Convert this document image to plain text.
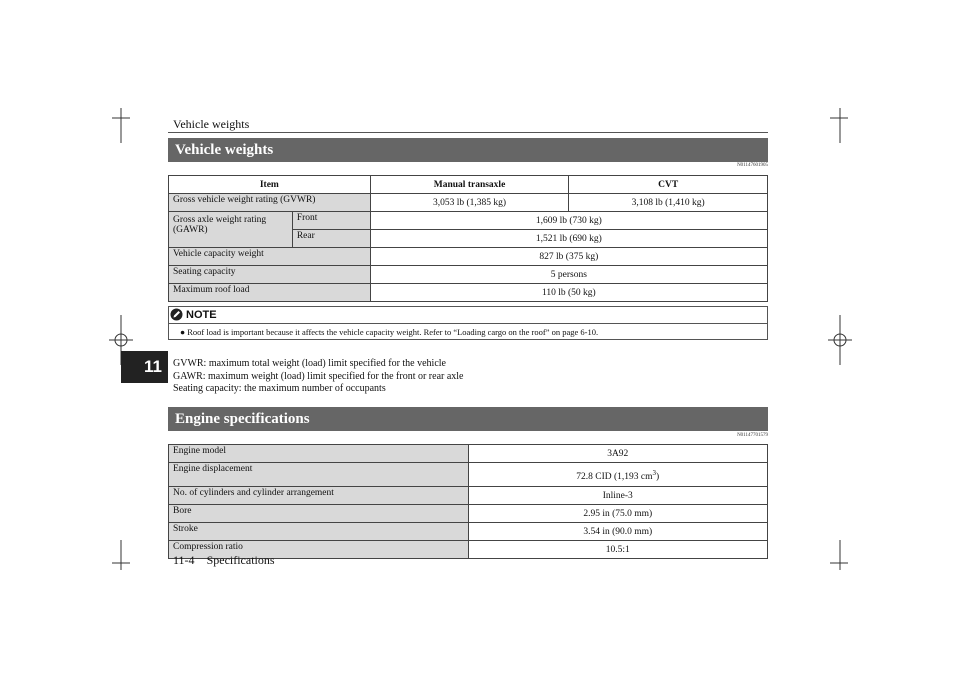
Vehicle weights
11
Vehicle weights
N01147601905
Item		Manual transaxle	CVT
Gross vehicle weight rating (GVWR)		3,053 lb (1,385 kg)	3,108 lb (1,410 kg)
Gross axle weight rating (GAWR)	Front	1,609 lb (730 kg)	
	Rear	1,521 lb (690 kg)	
Vehicle capacity weight		827 lb (375 kg)	
Seating capacity		5 persons	
Maximum roof load		110 lb (50 kg)	
NOTE
● Roof load is important because it affects the vehicle capacity weight. Refer to “Loading cargo on the roof” on page 6-10.
GVWR: maximum total weight (load) limit specified for the vehicle
GAWR: maximum weight (load) limit specified for the front or rear axle
Seating capacity: the maximum number of occupants
Engine specifications
N01147701579
Engine model	3A92
Engine displacement	72.8 CID (1,193 $cm^3$)
No. of cylinders and cylinder arrangement	Inline-3
Bore	2.95 in (75.0 mm)
Stroke	3.54 in (90.0 mm)
Compression ratio	10.5:1
11-4 Specifications
